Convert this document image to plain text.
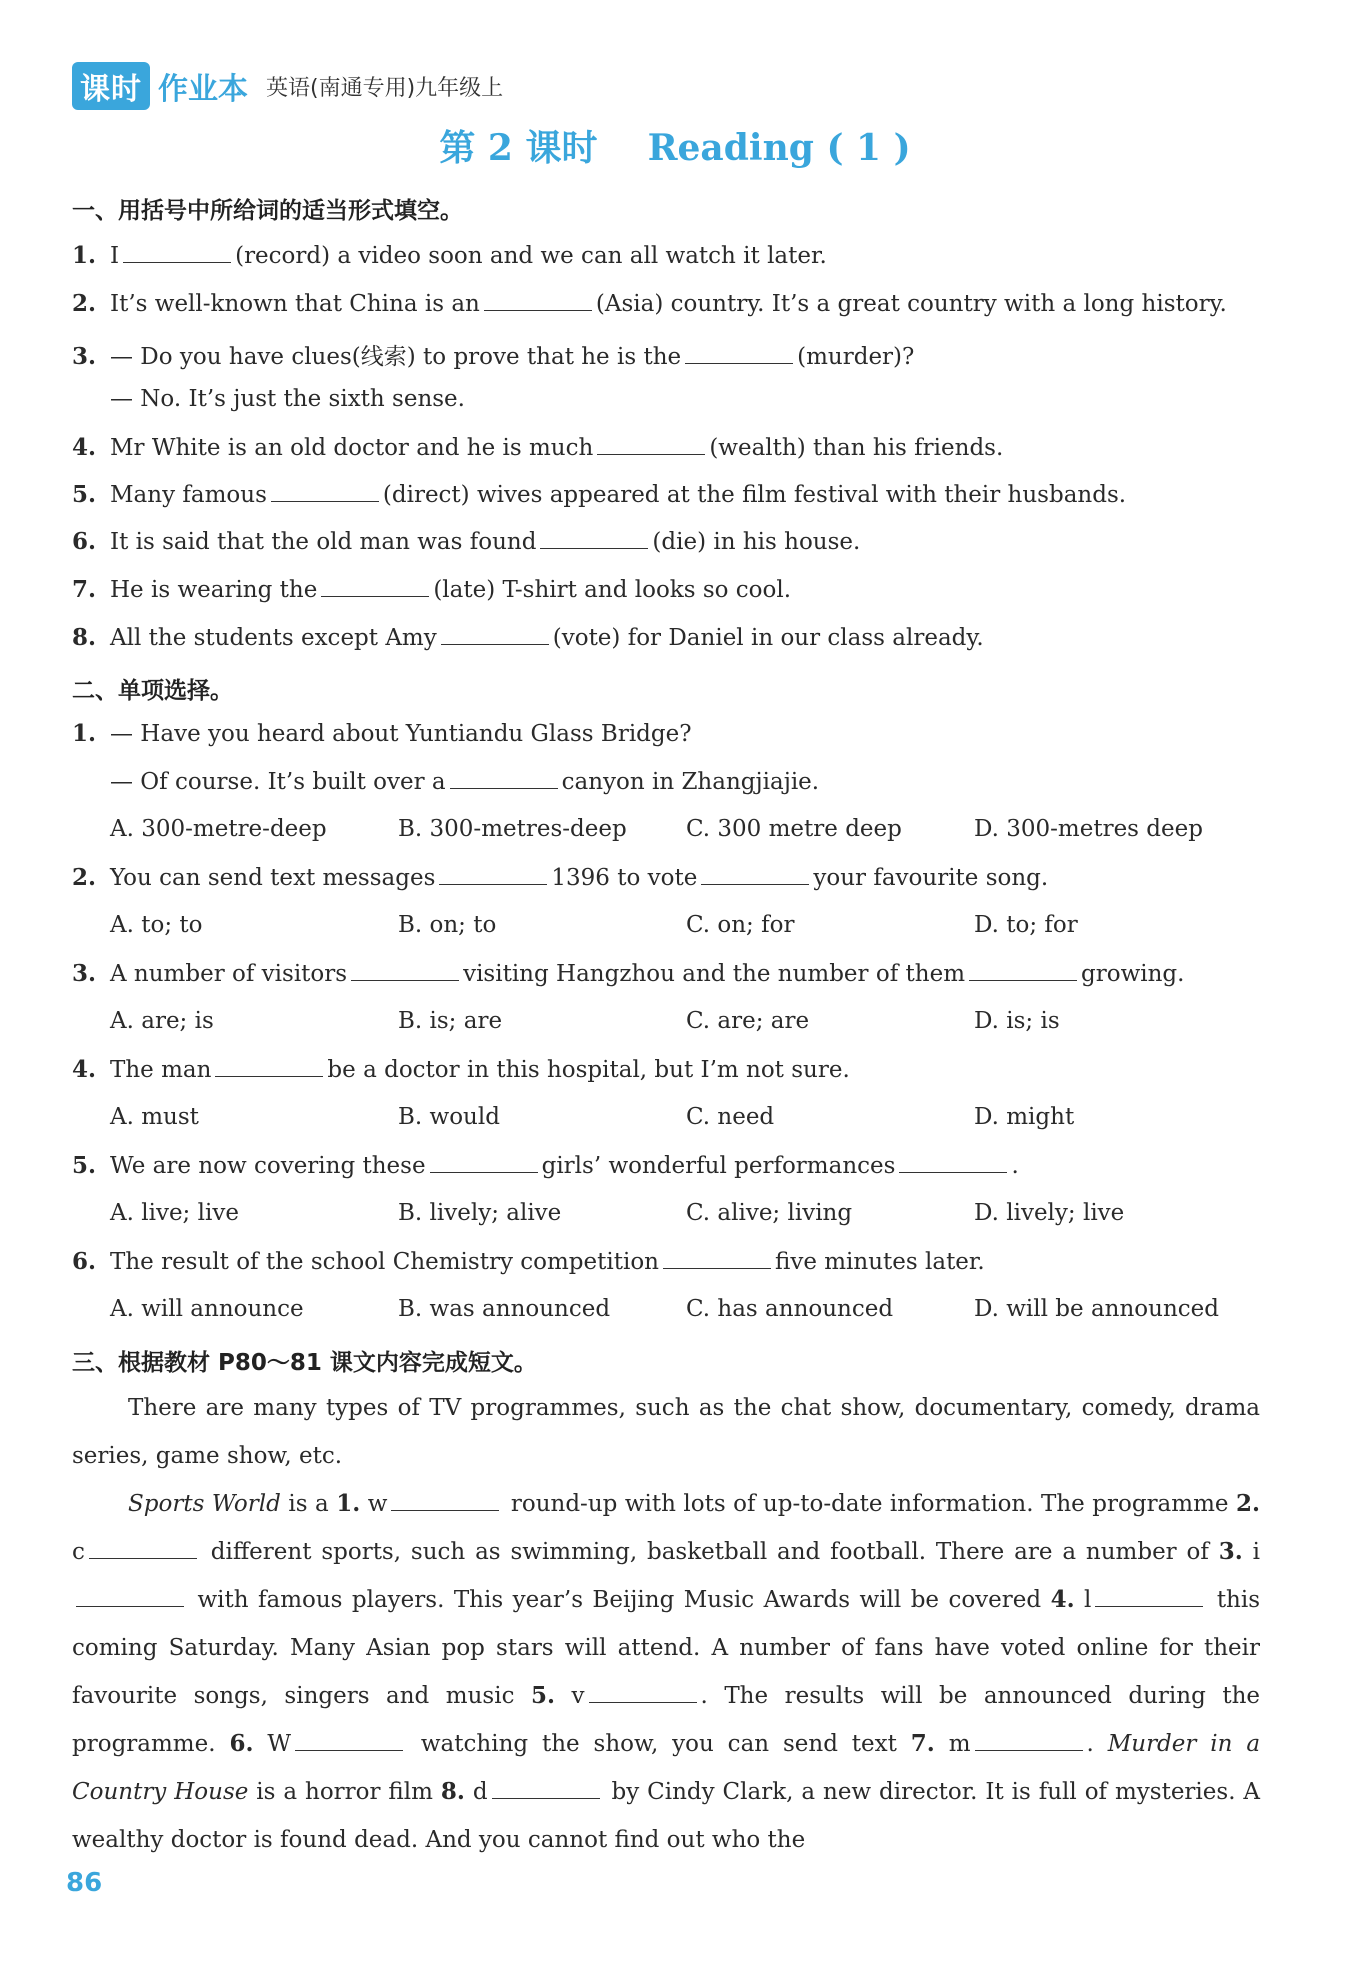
课时 作业本 英语(南通专用)九年级上
第 2 课时    Reading ( 1 )
一、用括号中所给词的适当形式填空。
1. I	(record) a video soon and we can all watch it later.
2. It’s well-known that China is an	(Asia) country. It’s a great country with a long history.
3. — Do you have clues(线索) to prove that he is the	(murder)?
— No. It’s just the sixth sense.
4. Mr White is an old doctor and he is much	(wealth) than his friends.
5. Many famous	(direct) wives appeared at the film festival with their husbands.
6. It is said that the old man was found	(die) in his house.
7. He is wearing the	(late) T-shirt and looks so cool.
8. All the students except Amy	(vote) for Daniel in our class already.
二、单项选择。
1. — Have you heard about Yuntiandu Glass Bridge?
— Of course. It’s built over a	canyon in Zhangjiajie.
A. 300-metre-deep	B. 300-metres-deep	C. 300 metre deep	D. 300-metres deep
2. You can send text messages	1396 to vote	your favourite song.
A. to; to	B. on; to	C. on; for	D. to; for
3. A number of visitors	visiting Hangzhou and the number of them	growing.
A. are; is	B. is; are	C. are; are	D. is; is
4. The man	be a doctor in this hospital, but I’m not sure.
A. must	B. would	C. need	D. might
5. We are now covering these	girls’ wonderful performances	.
A. live; live	B. lively; alive	C. alive; living	D. lively; live
6. The result of the school Chemistry competition	five minutes later.
A. will announce	B. was announced	C. has announced	D. will be announced
三、根据教材 P80～81 课文内容完成短文。
There are many types of TV programmes, such as the chat show, documentary, comedy, drama series, game show, etc.
Sports World is a 1. w	round-up with lots of up-to-date information. The programme 2. c	different sports, such as swimming, basketball and football. There are a number of 3. i with famous players. This year’s Beijing Music Awards will be covered 4. l	this coming Saturday. Many Asian pop stars will attend. A number of fans have voted online for their favourite songs, singers and music 5. v	. The results will be announced during the programme. 6. W	watching the show, you can send text 7. m	. Murder in a Country House is a horror film 8. d	by Cindy Clark, a new director. It is full of mysteries. A wealthy doctor is found dead. And you cannot find out who the
86
